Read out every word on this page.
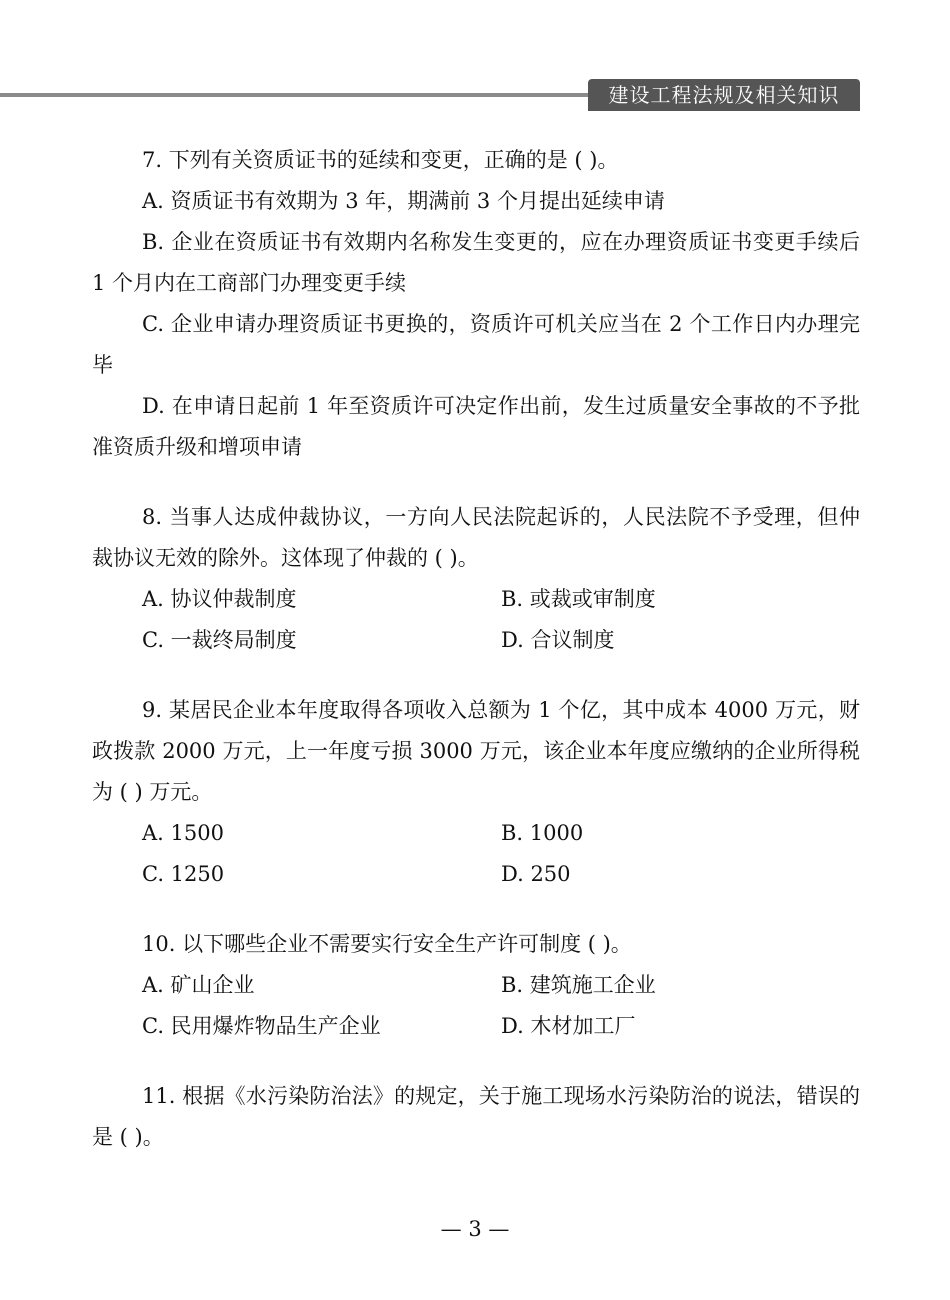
建设工程法规及相关知识
7. 下列有关资质证书的延续和变更，正确的是 ( )。
A. 资质证书有效期为 3 年，期满前 3 个月提出延续申请
B. 企业在资质证书有效期内名称发生变更的，应在办理资质证书变更手续后 1 个月内在工商部门办理变更手续
C. 企业申请办理资质证书更换的，资质许可机关应当在 2 个工作日内办理完毕
D. 在申请日起前 1 年至资质许可决定作出前，发生过质量安全事故的不予批准资质升级和增项申请
8. 当事人达成仲裁协议，一方向人民法院起诉的，人民法院不予受理，但仲裁协议无效的除外。这体现了仲裁的 ( )。
A. 协议仲裁制度	B. 或裁或审制度
C. 一裁终局制度	D. 合议制度
9. 某居民企业本年度取得各项收入总额为 1 个亿，其中成本 4000 万元，财政拨款 2000 万元，上一年度亏损 3000 万元，该企业本年度应缴纳的企业所得税为 ( ) 万元。
A. 1500	B. 1000
C. 1250	D. 250
10. 以下哪些企业不需要实行安全生产许可制度 ( )。
A. 矿山企业	B. 建筑施工企业
C. 民用爆炸物品生产企业	D. 木材加工厂
11. 根据《水污染防治法》的规定，关于施工现场水污染防治的说法，错误的是 ( )。
— 3 —
